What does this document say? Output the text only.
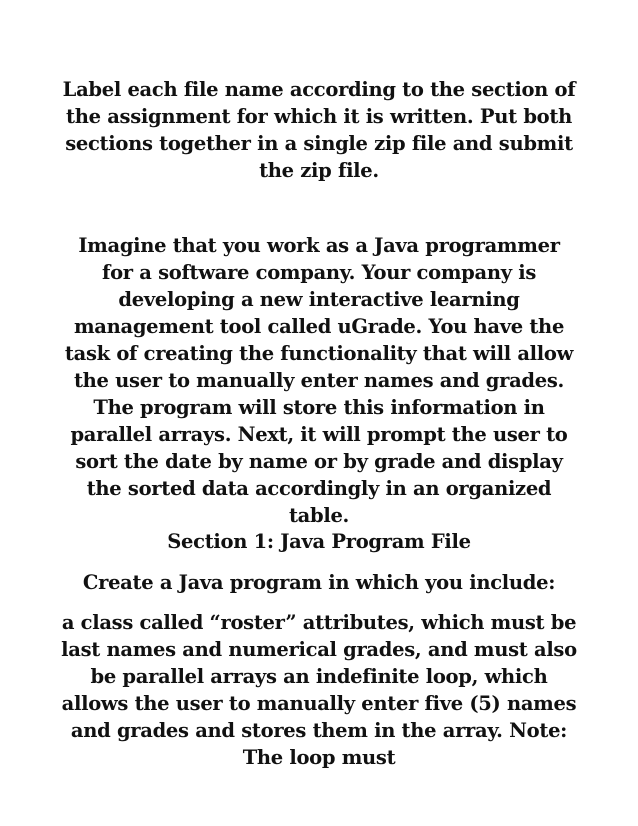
Label each file name according to the section of the assignment for which it is written. Put both sections together in a single zip file and submit the zip file.

Imagine that you work as a Java programmer for a software company. Your company is developing a new interactive learning management tool called uGrade. You have the task of creating the functionality that will allow the user to manually enter names and grades. The program will store this information in parallel arrays. Next, it will prompt the user to sort the date by name or by grade and display the sorted data accordingly in an organized table.

Section 1: Java Program File

Create a Java program in which you include:

a class called “roster” attributes, which must be last names and numerical grades, and must also be parallel arrays an indefinite loop, which allows the user to manually enter five (5) names and grades and stores them in the array. Note: The loop must
